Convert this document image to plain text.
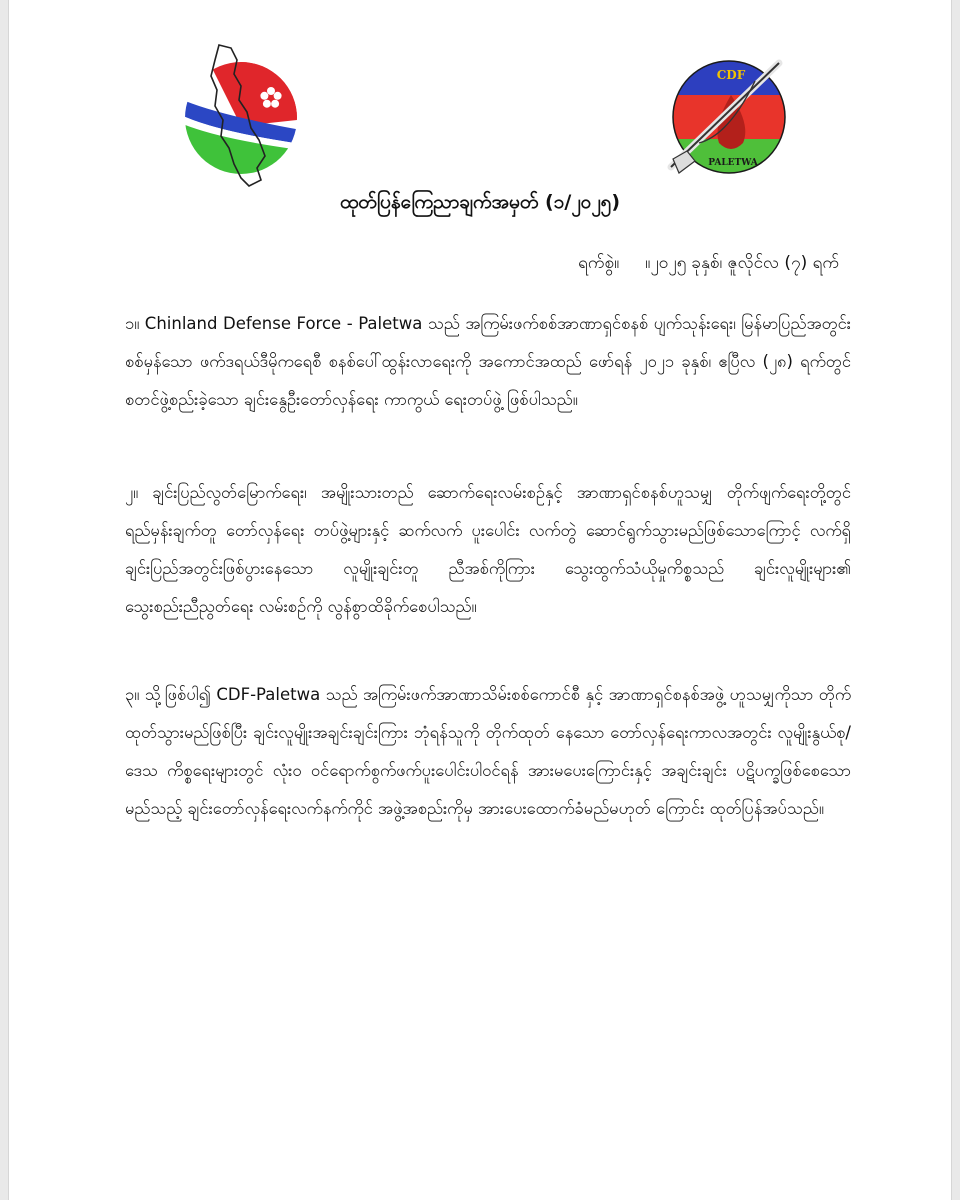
CDF
PALETWA
ထုတ်ပြန်ကြေညာချက်အမှတ် (၁/၂၀၂၅)
ရက်စွဲ။ ။၂၀၂၅ ခုနှစ်၊ ဇူလိုင်လ (၇) ရက်
၁။ Chinland Defense Force - Paletwa သည် အကြမ်းဖက်စစ်အာဏာရှင်စနစ် ပျက်သုန်းရေး၊ မြန်မာပြည်အတွင်း စစ်မှန်သော ဖက်ဒရယ်ဒီမိုကရေစီ စနစ်ပေါ်ထွန်းလာရေးကို အကောင်အထည် ဖော်ရန် ၂၀၂၁ ခုနှစ်၊ ဧပြီလ (၂၈) ရက်တွင် စတင်ဖွဲ့စည်းခဲ့သော ချင်းနွေဦးတော်လှန်ရေး ကာကွယ် ရေးတပ်ဖွဲ့ ဖြစ်ပါသည်။
၂။ ချင်းပြည်လွတ်မြောက်ရေး၊ အမျိုးသားတည် ဆောက်ရေးလမ်းစဉ်နှင့် အာဏာရှင်စနစ်ဟူသမျှ တိုက်ဖျက်ရေးတို့တွင် ရည်မှန်းချက်တူ တော်လှန်ရေး တပ်ဖွဲ့များနှင့် ဆက်လက် ပူးပေါင်း လက်တွဲ ဆောင်ရွက်သွားမည်ဖြစ်သောကြောင့် လက်ရှိ ချင်းပြည်အတွင်းဖြစ်ပွားနေသော လူမျိုးချင်းတူ ညီအစ်ကိုကြား သွေးထွက်သံယိုမှုကိစ္စသည် ချင်းလူမျိုးများ၏ သွေးစည်းညီညွတ်ရေး လမ်းစဉ်ကို လွန်စွာထိခိုက်စေပါသည်။
၃။ သို့ဖြစ်ပါ၍ CDF-Paletwa သည် အကြမ်းဖက်အာဏာသိမ်းစစ်ကောင်စီ နှင့် အာဏာရှင်စနစ်အဖွဲ့ ဟူသမျှကိုသာ တိုက်ထုတ်သွားမည်ဖြစ်ပြီး ချင်းလူမျိုးအချင်းချင်းကြား ဘုံရန်သူကို တိုက်ထုတ် နေသော တော်လှန်ရေးကာလအတွင်း လူမျိုးနွယ်စု/ဒေသ ကိစ္စရေးများတွင် လုံးဝ ဝင်ရောက်စွက်ဖက်ပူးပေါင်းပါဝင်ရန် အားမပေးကြောင်းနှင့် အချင်းချင်း ပဋိပက္ခဖြစ်စေသော မည်သည့် ချင်းတော်လှန်ရေးလက်နက်ကိုင် အဖွဲ့အစည်းကိုမှ အားပေးထောက်ခံမည်မဟုတ် ကြောင်း ထုတ်ပြန်အပ်သည်။
